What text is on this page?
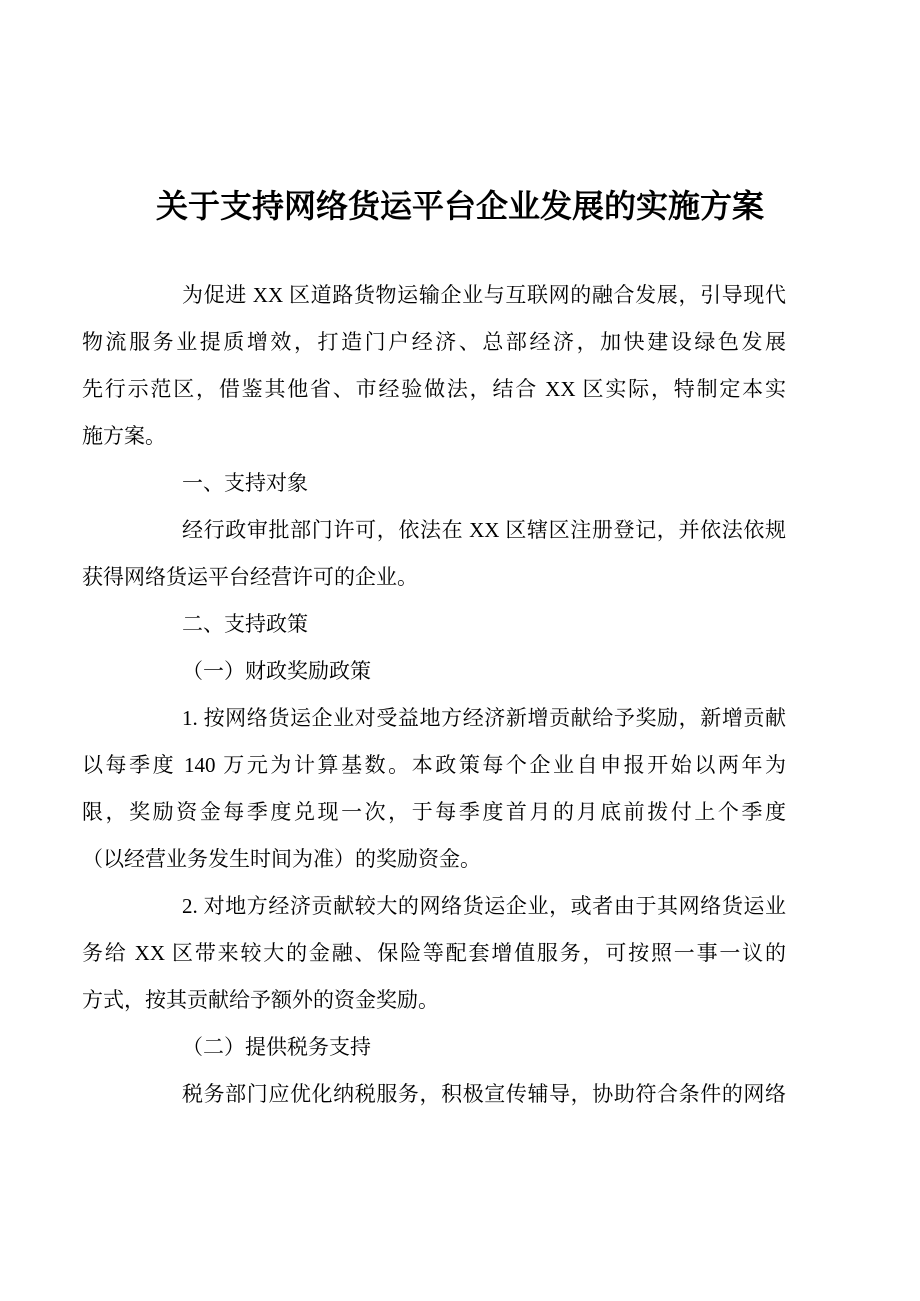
关于支持网络货运平台企业发展的实施方案
为促进 XX 区道路货物运输企业与互联网的融合发展，引导现代
物流服务业提质增效，打造门户经济、总部经济，加快建设绿色发展
先行示范区，借鉴其他省、市经验做法，结合 XX 区实际，特制定本实
施方案。
一、支持对象
经行政审批部门许可，依法在 XX 区辖区注册登记，并依法依规
获得网络货运平台经营许可的企业。
二、支持政策
（一）财政奖励政策
1. 按网络货运企业对受益地方经济新增贡献给予奖励，新增贡献
以每季度 140 万元为计算基数。本政策每个企业自申报开始以两年为
限，奖励资金每季度兑现一次，于每季度首月的月底前拨付上个季度
（以经营业务发生时间为准）的奖励资金。
2. 对地方经济贡献较大的网络货运企业，或者由于其网络货运业
务给 XX 区带来较大的金融、保险等配套增值服务，可按照一事一议的
方式，按其贡献给予额外的资金奖励。
（二）提供税务支持
税务部门应优化纳税服务，积极宣传辅导，协助符合条件的网络
